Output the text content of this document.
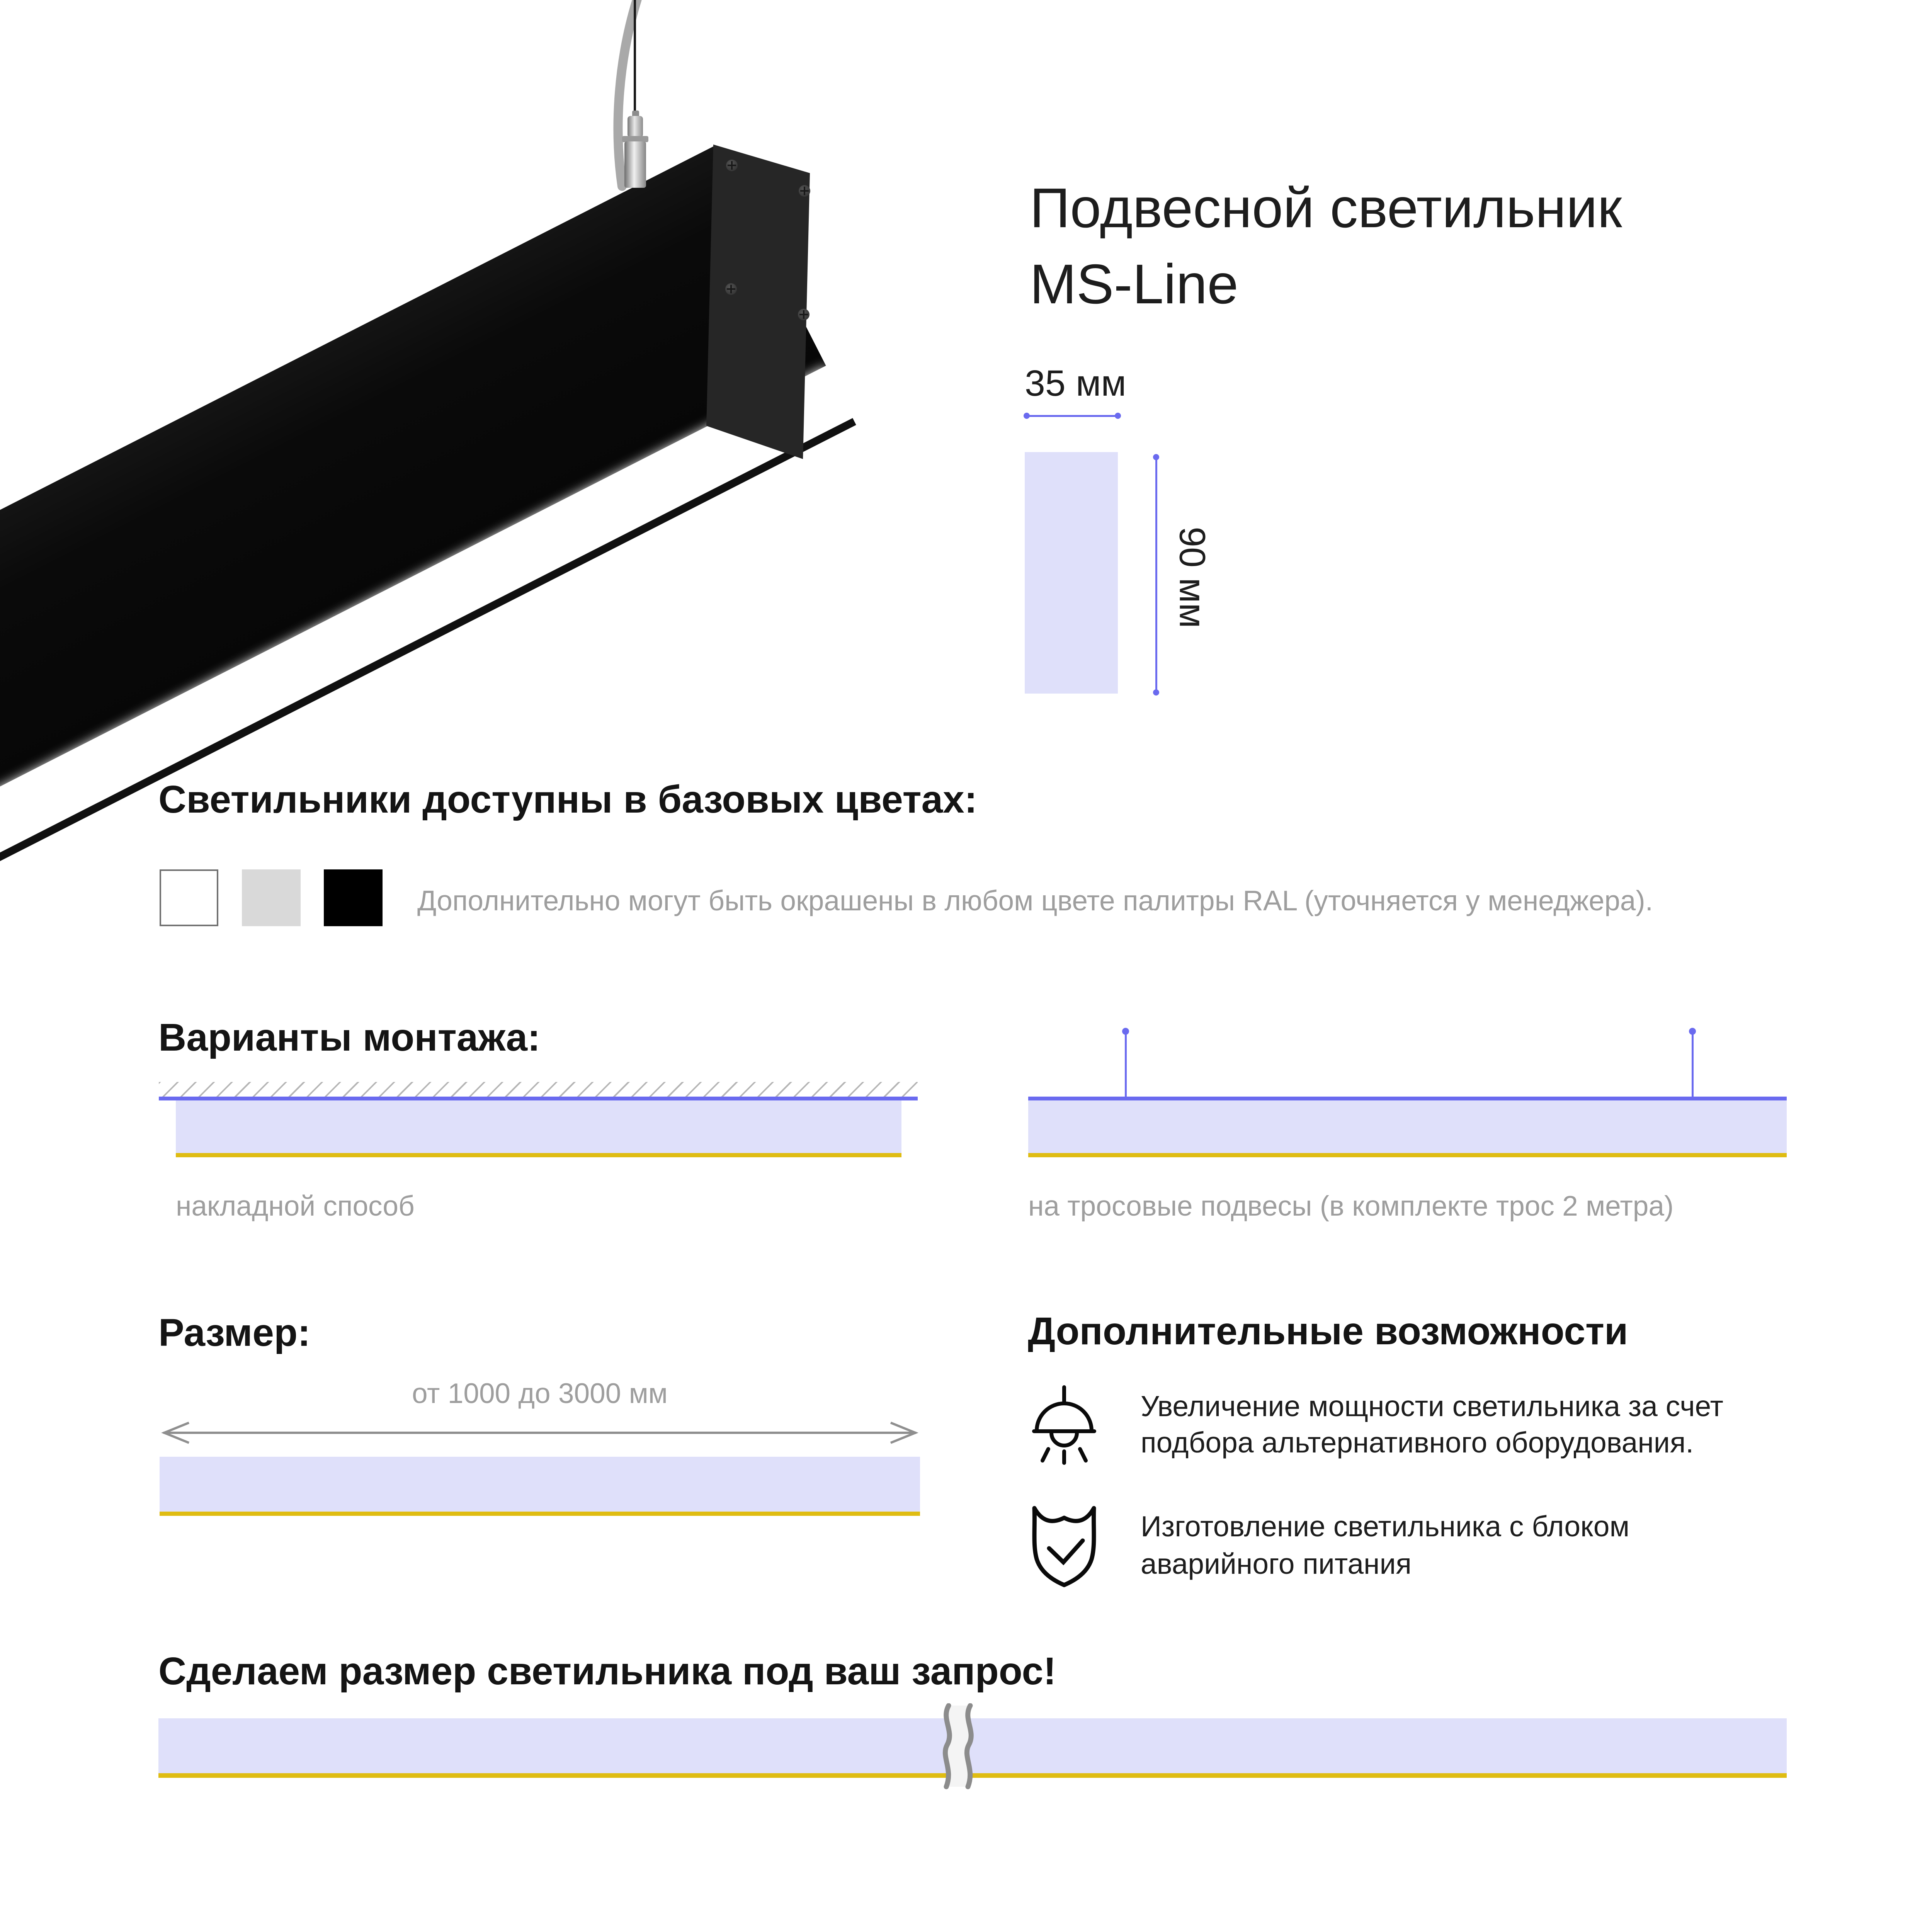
Подвесной светильник
MS-Line
35 мм
90 мм
Светильники доступны в базовых цветах:
Дополнительно могут быть окрашены в любом цвете палитры RAL (уточняется у менеджера).
Варианты монтажа:
накладной способ	на тросовые подвесы (в комплекте трос 2 метра)
Размер:
от 1000 до 3000 мм
Дополнительные возможности
Увеличение мощности светильника за счет подбора альтернативного оборудования.
Изготовление светильника с блоком аварийного питания
Сделаем размер светильника под ваш запрос!
